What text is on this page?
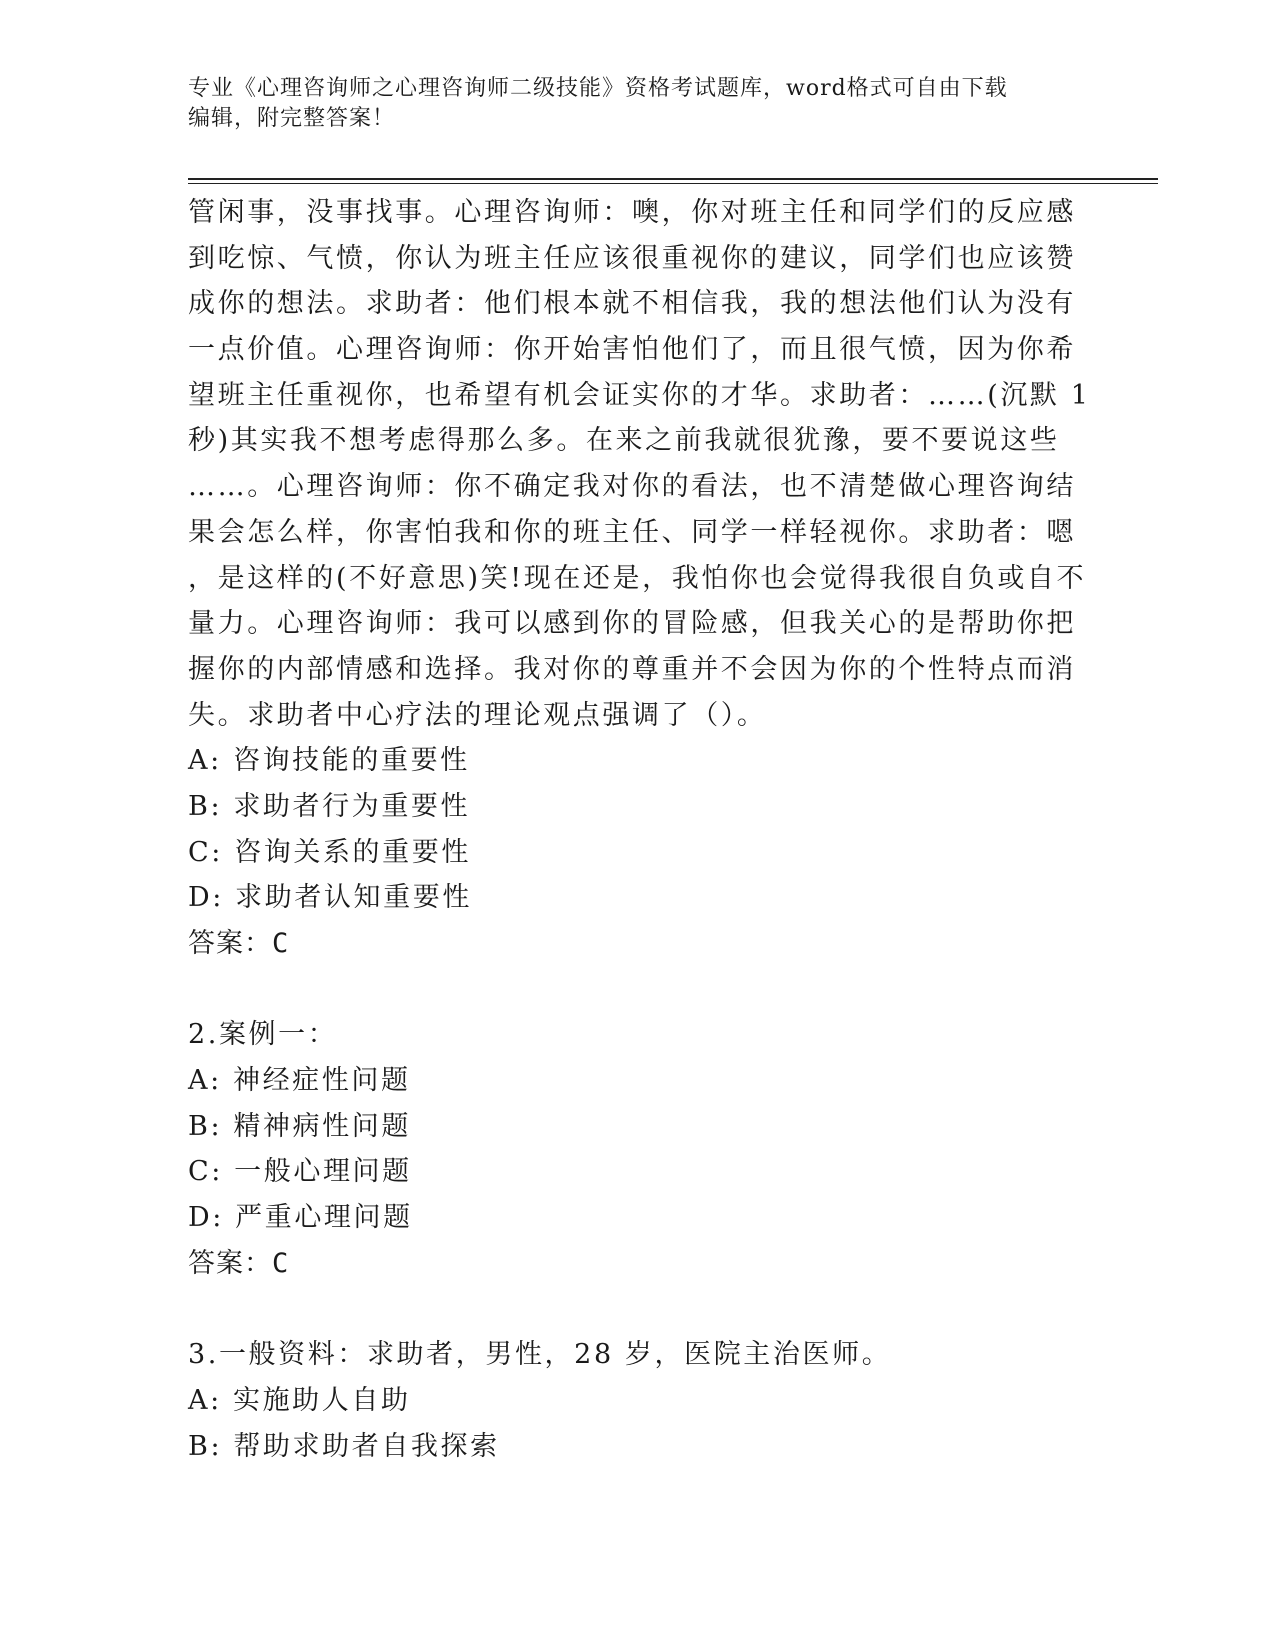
专业《心理咨询师之心理咨询师二级技能》资格考试题库，word格式可自由下载
编辑，附完整答案！
管闲事，没事找事。心理咨询师：噢，你对班主任和同学们的反应感
到吃惊、气愤，你认为班主任应该很重视你的建议，同学们也应该赞
成你的想法。求助者：他们根本就不相信我，我的想法他们认为没有
一点价值。心理咨询师：你开始害怕他们了，而且很气愤，因为你希
望班主任重视你，也希望有机会证实你的才华。求助者：……(沉默 1
秒)其实我不想考虑得那么多。在来之前我就很犹豫，要不要说这些
……。心理咨询师：你不确定我对你的看法，也不清楚做心理咨询结
果会怎么样，你害怕我和你的班主任、同学一样轻视你。求助者：嗯
，是这样的(不好意思)笑!现在还是，我怕你也会觉得我很自负或自不
量力。心理咨询师：我可以感到你的冒险感，但我关心的是帮助你把
握你的内部情感和选择。我对你的尊重并不会因为你的个性特点而消
失。求助者中心疗法的理论观点强调了（）。
A: 咨询技能的重要性
B: 求助者行为重要性
C: 咨询关系的重要性
D: 求助者认知重要性
答案：C
2.案例一：
A: 神经症性问题
B: 精神病性问题
C: 一般心理问题
D: 严重心理问题
答案：C
3.一般资料：求助者，男性，28 岁，医院主治医师。
A: 实施助人自助
B: 帮助求助者自我探索
